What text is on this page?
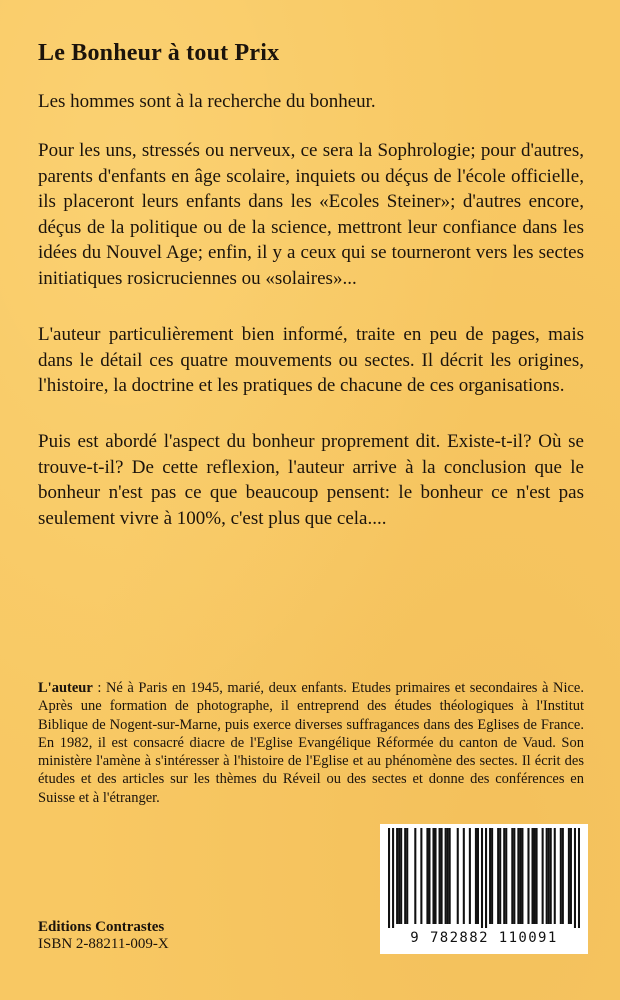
Le Bonheur à tout Prix

Les hommes sont à la recherche du bonheur.

Pour les uns, stressés ou nerveux, ce sera la Sophrologie; pour d'autres, parents d'enfants en âge scolaire, inquiets ou déçus de l'école officielle, ils placeront leurs enfants dans les «Ecoles Steiner»; d'autres encore, déçus de la politique ou de la science, mettront leur confiance dans les idées du Nouvel Age; enfin, il y a ceux qui se tourneront vers les sectes initiatiques rosicruciennes ou «solaires»...

L'auteur particulièrement bien informé, traite en peu de pages, mais dans le détail ces quatre mouvements ou sectes. Il décrit les origines, l'histoire, la doctrine et les pratiques de chacune de ces organisations.

Puis est abordé l'aspect du bonheur proprement dit. Existe-t-il? Où se trouve-t-il? De cette reflexion, l'auteur arrive à la conclusion que le bonheur n'est pas ce que beaucoup pensent: le bonheur ce n'est pas seulement vivre à 100%, c'est plus que cela....

L'auteur : Né à Paris en 1945, marié, deux enfants. Etudes primaires et secondaires à Nice. Après une formation de photographe, il entreprend des études théologiques à l'Institut Biblique de Nogent-sur-Marne, puis exerce diverses suffragances dans des Eglises de France. En 1982, il est consacré diacre de l'Eglise Evangélique Réformée du canton de Vaud. Son ministère l'amène à s'intéresser à l'histoire de l'Eglise et au phénomène des sectes. Il écrit des études et des articles sur les thèmes du Réveil ou des sectes et donne des conférences en Suisse et à l'étranger.

Editions Contrastes
ISBN 2-88211-009-X	9 782882 110091
